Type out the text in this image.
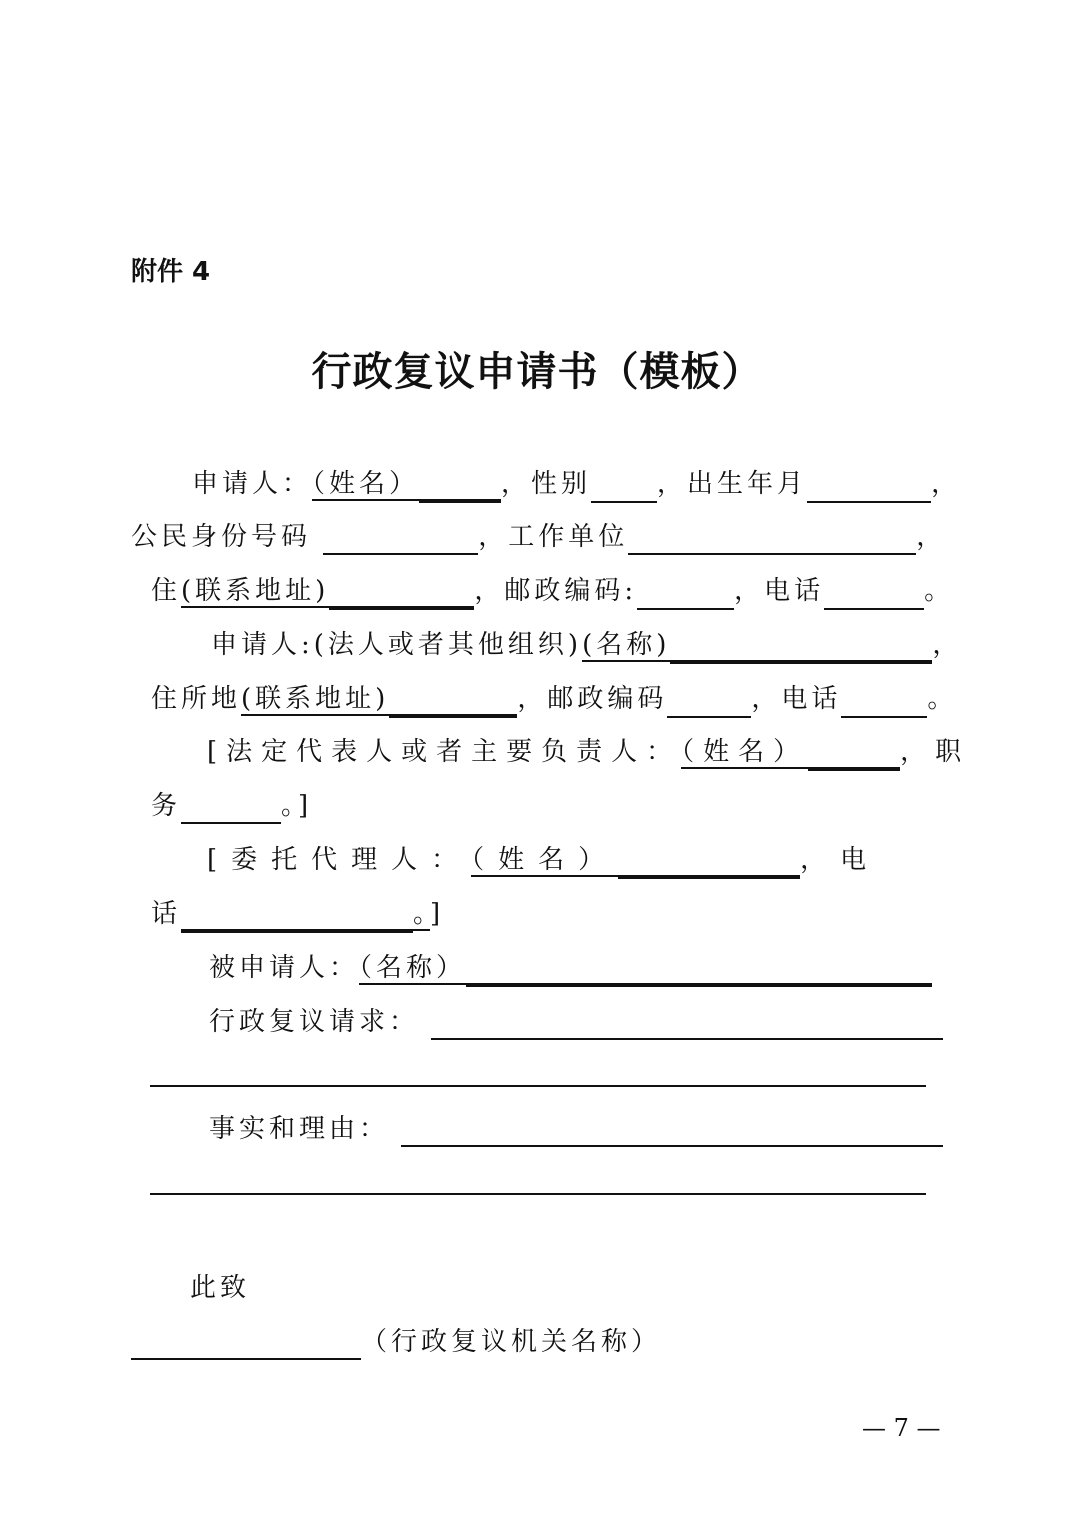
附件 4
行政复议申请书（模板）
申请人：（姓名）	，性别	，出生年月	，
公民身份号码	，工作单位	，
住(联系地址)	，邮政编码:	，电话	。
申请人:(法人或者其他组织)(名称)	，
住所地(联系地址)	，邮政编码	，电话	。
[法定代表人或者主要负责人：（姓名）	，职
务	。]
[委托代理人：（姓名）	，电
话	。]
被申请人：（名称）
行政复议请求：
事实和理由：
此致
（行政复议机关名称）
— 7 —
